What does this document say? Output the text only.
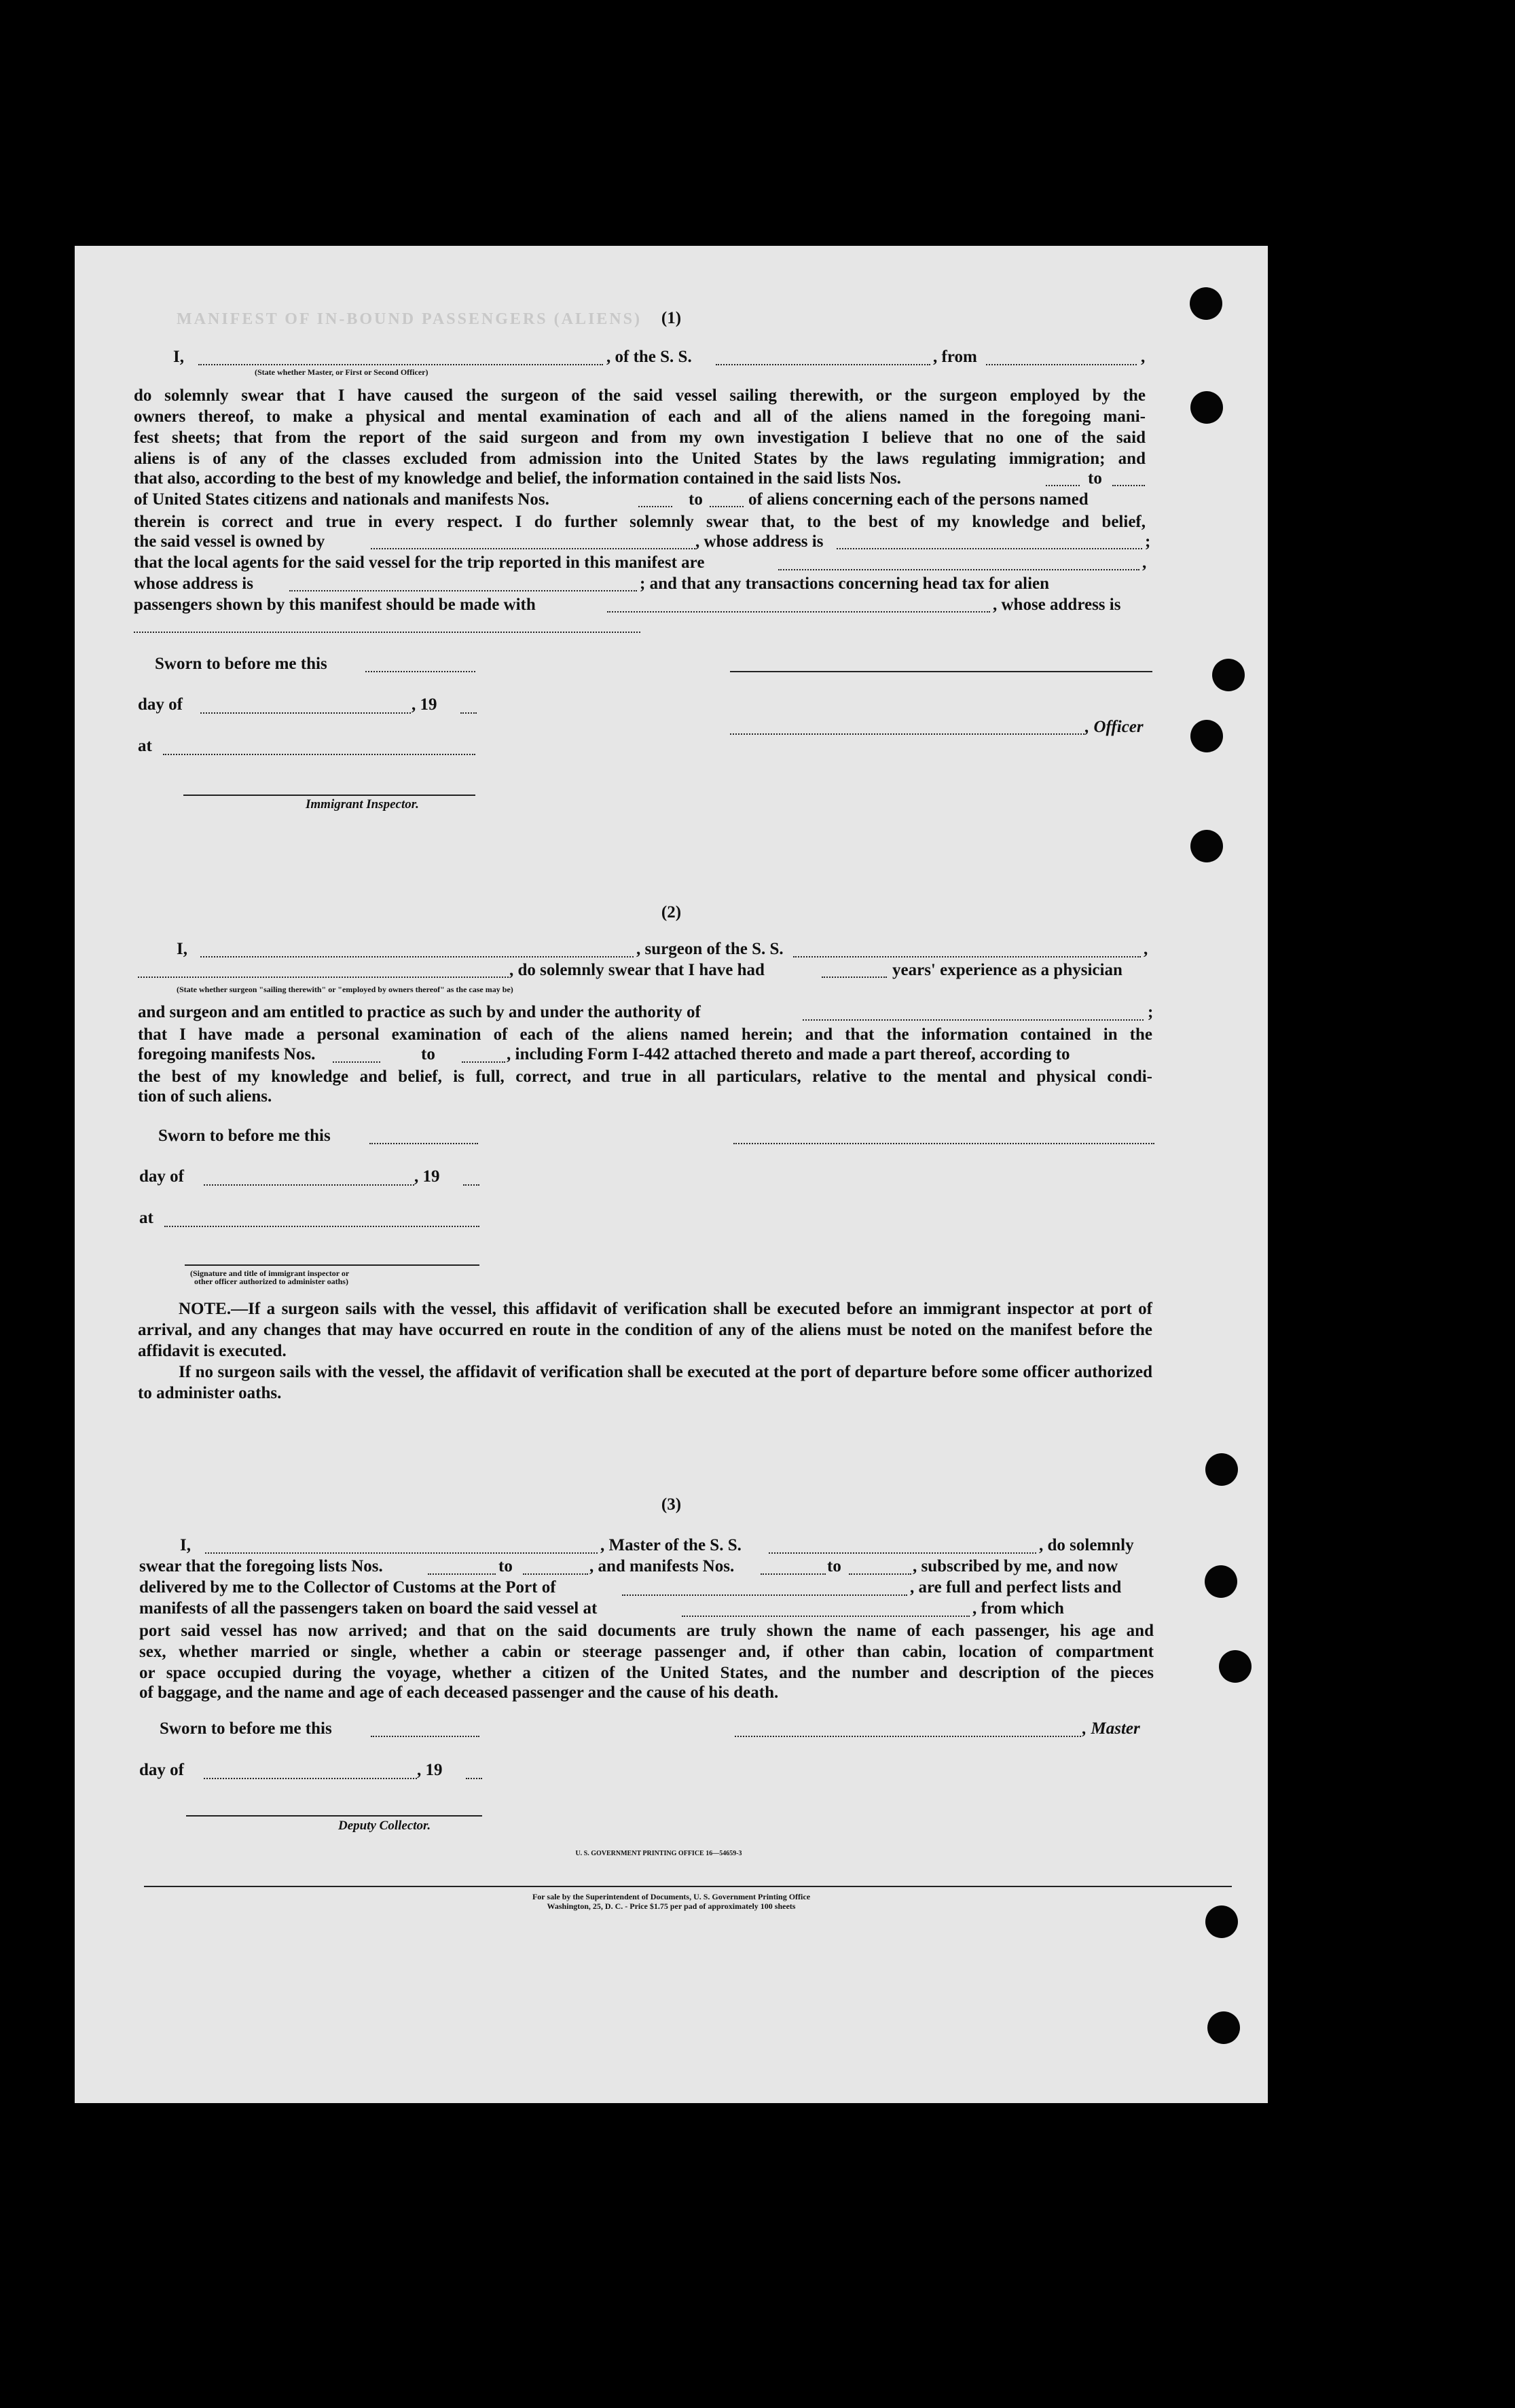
MANIFEST OF IN-BOUND PASSENGERS (ALIENS)	(1)
I,	, of the S. S.	, from	,
(State whether Master, or First or Second Officer)

do solemnly swear that I have caused the surgeon of the said vessel sailing therewith, or the surgeon employed by the

owners thereof, to make a physical and mental examination of each and all of the aliens named in the foregoing mani-

fest sheets; that from the report of the said surgeon and from my own investigation I believe that no one of the said

aliens is of any of the classes excluded from admission into the United States by the laws regulating immigration; and

that also, according to the best of my knowledge and belief, the information contained in the said lists Nos.	to
of United States citizens and nationals and manifests Nos.	to	of aliens concerning each of the persons named

therein is correct and true in every respect. I do further solemnly swear that, to the best of my knowledge and belief,

the said vessel is owned by	, whose address is	;
that the local agents for the said vessel for the trip reported in this manifest are	,
whose address is	; and that any transactions concerning head tax for alien
passengers shown by this manifest should be made with	, whose address is
Sworn to before me this
day of	, 19
, Officer
at
Immigrant Inspector.
(2)
I,	, surgeon of the S. S.	,
, do solemnly swear that I have had	years' experience as a physician
(State whether surgeon "sailing therewith" or "employed by owners thereof" as the case may be)
and surgeon and am entitled to practice as such by and under the authority of	;

that I have made a personal examination of each of the aliens named herein; and that the information contained in the

foregoing manifests Nos.	to	, including Form I-442 attached thereto and made a part thereof, according to

the best of my knowledge and belief, is full, correct, and true in all particulars, relative to the mental and physical condi-

tion of such aliens.
Sworn to before me this
day of	, 19
at
(Signature and title of immigrant inspector or
other officer authorized to administer oaths)

NOTE.—If a surgeon sails with the vessel, this affidavit of verification shall be executed before an immigrant inspector at port of arrival, and any changes that may have occurred en route in the condition of any of the aliens must be noted on the manifest before the affidavit is executed.

If no surgeon sails with the vessel, the affidavit of verification shall be executed at the port of departure before some officer authorized to administer oaths.

(3)
I,	, Master of the S. S.	, do solemnly
swear that the foregoing lists Nos.	to	, and manifests Nos.	to	, subscribed by me, and now
delivered by me to the Collector of Customs at the Port of	, are full and perfect lists and
manifests of all the passengers taken on board the said vessel at	, from which

port said vessel has now arrived; and that on the said documents are truly shown the name of each passenger, his age and

sex, whether married or single, whether a cabin or steerage passenger and, if other than cabin, location of compartment

or space occupied during the voyage, whether a citizen of the United States, and the number and description of the pieces

of baggage, and the name and age of each deceased passenger and the cause of his death.
Sworn to before me this	, Master
day of	, 19
Deputy Collector.
U. S. GOVERNMENT PRINTING OFFICE 16—54659-3
For sale by the Superintendent of Documents, U. S. Government Printing Office
Washington, 25, D. C. - Price $1.75 per pad of approximately 100 sheets
